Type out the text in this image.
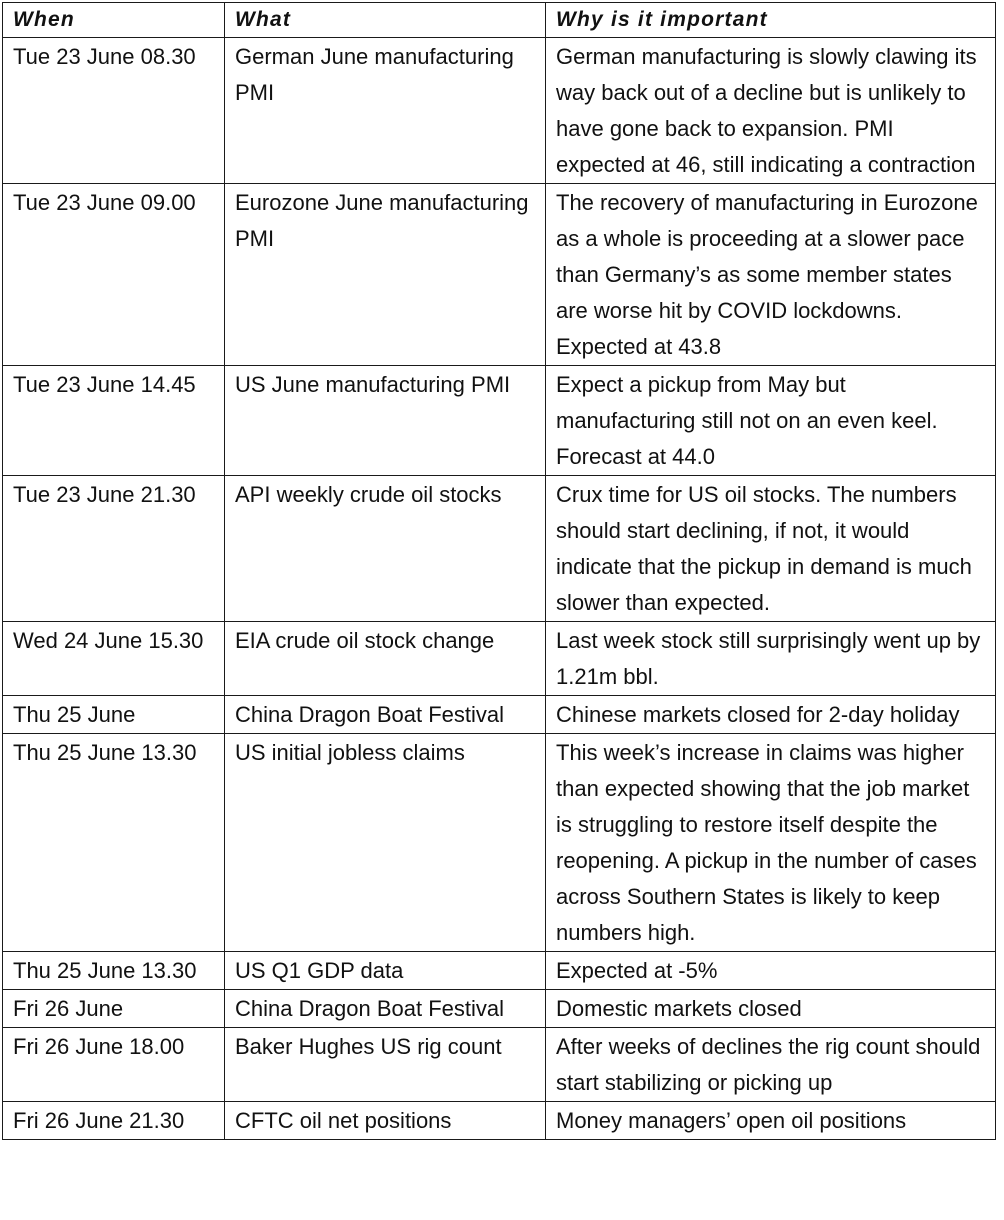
When	What	Why is it important
Tue 23 June 08.30	German June manufacturing PMI	German manufacturing is slowly clawing its way back out of a decline but is unlikely to have gone back to expansion. PMI expected at 46, still indicating a contraction
Tue 23 June 09.00	Eurozone June manufacturing PMI	The recovery of manufacturing in Eurozone as a whole is proceeding at a slower pace than Germany’s as some member states are worse hit by COVID lockdowns. Expected at 43.8
Tue 23 June 14.45	US June manufacturing PMI	Expect a pickup from May but manufacturing still not on an even keel. Forecast at 44.0
Tue 23 June 21.30	API weekly crude oil stocks	Crux time for US oil stocks. The numbers should start declining, if not, it would indicate that the pickup in demand is much slower than expected.
Wed 24 June 15.30	EIA crude oil stock change	Last week stock still surprisingly went up by 1.21m bbl.
Thu 25 June	China Dragon Boat Festival	Chinese markets closed for 2-day holiday
Thu 25 June 13.30	US initial jobless claims	This week’s increase in claims was higher than expected showing that the job market is struggling to restore itself despite the reopening. A pickup in the number of cases across Southern States is likely to keep numbers high.
Thu 25 June 13.30	US Q1 GDP data	Expected at -5%
Fri 26 June	China Dragon Boat Festival	Domestic markets closed
Fri 26 June 18.00	Baker Hughes US rig count	After weeks of declines the rig count should start stabilizing or picking up
Fri 26 June 21.30	CFTC oil net positions	Money managers’ open oil positions
